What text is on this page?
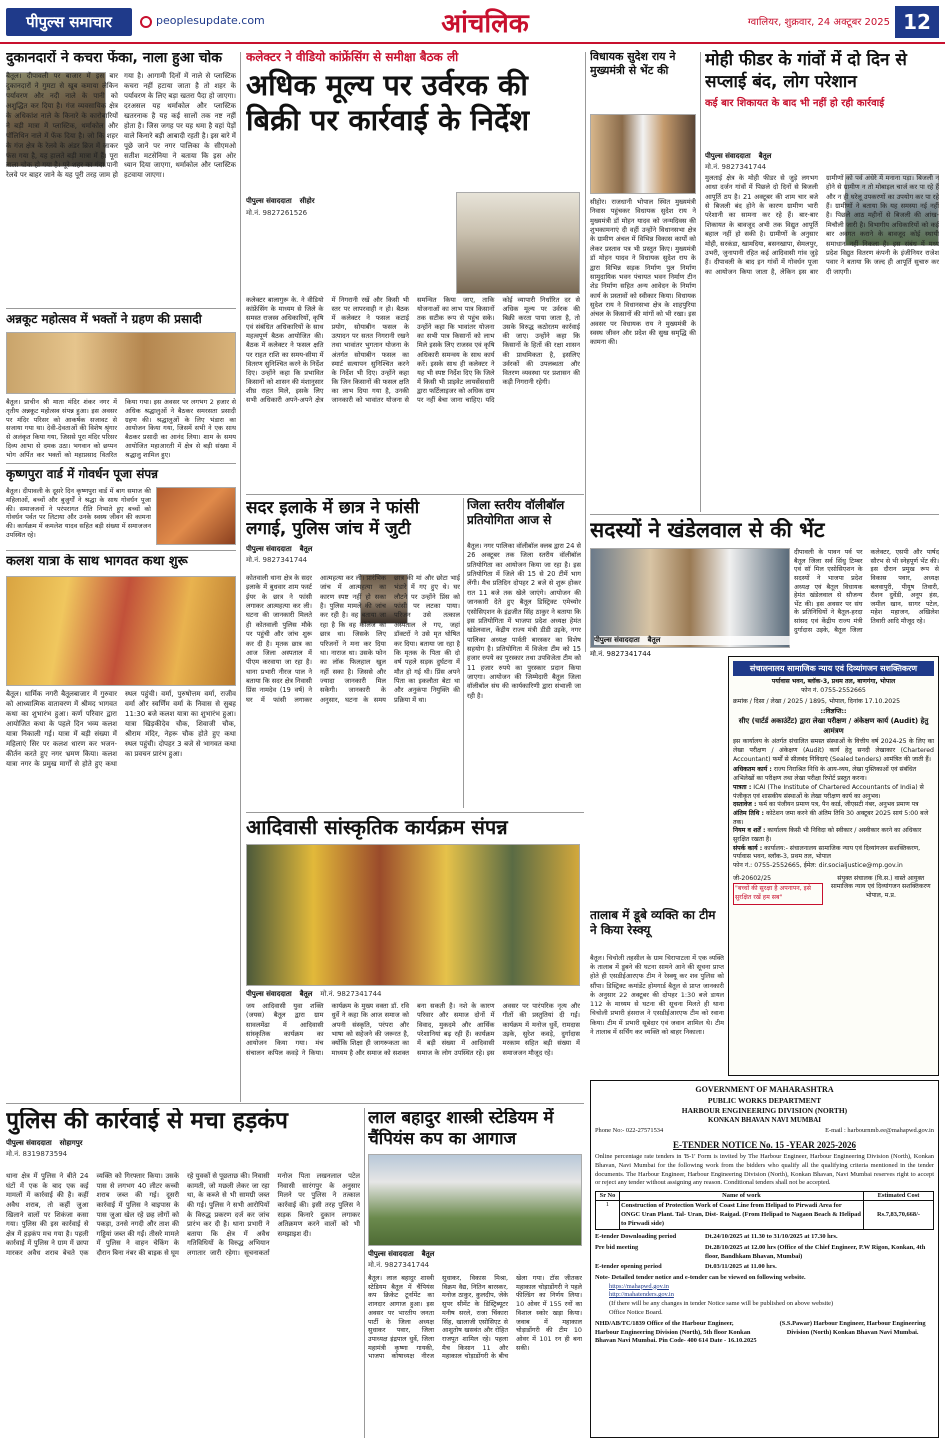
पीपुल्स समाचार	peoplesupdate.com	आंचलिक	ग्वालियर, शुक्रवार, 24 अक्टूबर 2025 12
दुकानदारों ने कचरा फेंका, नाला हुआ चोक
बैतूल। दीपावली पर बाजार में इस बार दुकानदारों ने गुमटा से खूब कमाया लेकिन पर्यावरण और नदी नाले के पानी को अशुद्धित कर दिया है। गंज व्यवसायिक क्षेत्र के अधिकांश नाले के किनारे के कारोबारियों ने बड़ी मात्रा में प्लास्टिक, थर्माकोल और पॉलिथिन नाले में फेंक दिया है। जो कि शहर के गंज क्षेत्र के रेलवे के अंडर ब्रिज में जाकर फंस गया है, यह हालते बड़ी मात्रा में हैं। पूरा नाला चोक हो गया है। पूरे शहर का गंदा पानी रेलवे पर बाहर जाने के यह पूरी तरह जाम हो गया है। आगामी दिनों में नाले से प्लास्टिक कचरा नहीं हटाया जाता है तो शहर के पर्यावरण के लिए बड़ा खतरा पैदा हो जाएगा। दरअसल यह थर्माकोल और प्लास्टिक खतरनाक है यह कई सालों तक नष्ट नहीं होता है। जिस जगह पर यह थमा है वहां पेड़ों वाले किनारे बड़ी आबादी रहती है। इस बारे में पूछे जाने पर नगर पालिका के सीएमओ सतीश मटसेनिया ने बताया कि इस ओर ध्यान दिया जाएगा, थर्माकोल और प्लास्टिक हटवाया जाएगा।
अन्नकूट महोत्सव में भक्तों ने ग्रहण की प्रसादी
बैतूल। प्राचीन श्री माता मंदिर शंकर नगर में तृतीय अन्नकूट महोत्सव संपन्न हुआ। इस अवसर पर मंदिर परिसर को आकर्षक सजावट से सजाया गया था। देवी-देवताओं की विशेष श्रृंगार से अलंकृत किया गया, जिससे पूरा मंदिर परिसर दिव्य आभा से दमक उठा। भगवान को छप्पन भोग अर्पित कर भक्तों को महाप्रसाद वितरित किया गया। इस अवसर पर लगभग 2 हजार से अधिक श्रद्धालुओं ने बैठकर समरसता प्रसादी ग्रहण की। श्रद्धालुओं के लिए भंडारा का आयोजन किया गया, जिसमें सभी ने एक साथ बैठकर प्रसादी का आनंद लिया। शाम के समय आयोजित महाआरती में क्षेत्र से बड़ी संख्या में श्रद्धालु शामिल हुए।
कृष्णपुरा वार्ड में गोवर्धन पूजा संपन्न
बैतूल। दीपावली के दूसरे दिन कृष्णपुरा वार्ड में बाग समाज की महिलाओं, बच्चों और बुजुर्गों ने श्रद्धा के साथ गोवर्धन पूजा की। समाजजनों ने परंपरागत रीति निभाते हुए बच्चों को गोवर्धन पर्वत पर लिटाया और उनके स्वस्थ जीवन की कामना की। कार्यक्रम में कमलेश यादव सहित बड़ी संख्या में समाजजन उपस्थित रहे।
कलश यात्रा के साथ भागवत कथा शुरू
बैतूल। धार्मिक नगरी बैतूलबाजार में गुरुवार को आध्यात्मिक वातावरण में श्रीमद भागवत कथा का शुभारंभ हुआ। कर्ण परिवार द्वारा आयोजित कथा के पहले दिन भव्य कलश यात्रा निकाली गई। यात्रा में बड़ी संख्या में महिलाएं सिर पर कलश धारण कर भजन-कीर्तन करते हुए नगर भ्रमण किया। कलश यात्रा नगर के प्रमुख मार्गों से होते हुए कथा स्थल पहुंची। वर्मा, पुरुषोत्तम वर्मा, राजीव वर्मा और स्वर्णिम वर्मा के निवास से सुबह 11:30 बजे कलश यात्रा का शुभारंभ हुआ। यात्रा खिड़कीदेव चौक, शिवाजी चौक, श्रीराम मंदिर, नेहरू चौक होते हुए कथा स्थल पहुंची। दोपहर 3 बजे से भागवत कथा का प्रवचन प्रारंभ हुआ।
कलेक्टर ने वीडियो कांफ्रेंसिंग से समीक्षा बैठक ली
अधिक मूल्य पर उर्वरक की बिक्री पर कार्रवाई के निर्देश
पीपुल्स संवाददाता सीहोर
मो.नं. 9827261526
कलेक्टर बालागुरू के. ने वीडियो कांफ्रेंसिंग के माध्यम से जिले के समस्त राजस्व अधिकारियों, कृषि एवं संबंधित अधिकारियों के साथ महत्वपूर्ण बैठक आयोजित की। बैठक में कलेक्टर ने फसल क्षति पर राहत राशि का समय-सीमा में वितरण सुनिश्चित करने के निर्देश दिए। उन्होंने कहा कि प्रभावित किसानों को शासन की मंशानुसार शीघ्र राहत मिले, इसके लिए सभी अधिकारी अपने-अपने क्षेत्र में निगरानी रखें और किसी भी स्तर पर लापरवाही न हो। बैठक में कलेक्टर ने फसल कटाई प्रयोग, सोयाबीन फसल के उत्पादन पर सतत निगरानी रखने तथा भावांतर भुगतान योजना के अंतर्गत सोयाबीन फसल का स्मार्ट सत्यापन सुनिश्चित करने के निर्देश भी दिए। उन्होंने कहा कि जिन किसानों की फसल क्षति का लाभ दिया गया है, उनकी जानकारी को भावांतर योजना से समन्वित किया जाए, ताकि योजनाओं का लाभ पात्र किसानों तक सटीक रूप से पहुंच सके। उन्होंने कहा कि भावांतर योजना का सभी पात्र किसानों को लाभ मिले इसके लिए राजस्व एवं कृषि अधिकारी समन्वय के साथ कार्य करें। इसके साथ ही कलेक्टर ने यह भी स्पष्ट निर्देश दिए कि जिले में किसी भी प्राइवेट लायसेंसधारी द्वारा फर्टिलाइजर को अधिक दाम पर नहीं बेचा जाना चाहिए। यदि कोई व्यापारी निर्धारित दर से अधिक मूल्य पर उर्वरक की बिक्री करता पाया जाता है, तो उसके विरुद्ध कठोरतम कार्रवाई की जाए। उन्होंने कहा कि किसानों के हितों की रक्षा शासन की प्राथमिकता है, इसलिए उर्वरकों की उपलब्धता और वितरण व्यवस्था पर प्रशासन की कड़ी निगरानी रहेगी।
सदर इलाके में छात्र ने फांसी लगाई, पुलिस जांच में जुटी
पीपुल्स संवाददाता बैतूल
मो.नं. 9827341744
कोतवाली थाना क्षेत्र के सदर इलाके में बुधवार शाम फर्स्ट ईयर के छात्र ने फांसी लगाकर आत्महत्या कर ली। घटना की जानकारी मिलते ही कोतवाली पुलिस मौके पर पहुंची और जांच शुरू कर दी है। मृतक छात्र का आज जिला अस्पताल में पीएम करवाया जा रहा है। थाना प्रभारी नीरज पाल ने बताया कि सदर क्षेत्र निवासी प्रिंस नामदेव (19 वर्ष) ने घर में फांसी लगाकर आत्महत्या कर ली। प्रारंभिक जांच में आत्महत्या का कारण स्पष्ट नहीं हो सका है। पुलिस मामले की जांच कर रही है। वह बताया जा रहा है कि वह कॉलेज का छात्र था। जिसके लिए परिजनों ने मना कर दिया था। नाराज था। उसके फोन का लॉक फिलहाल खुल नहीं सका है। जिससे और ज्यादा जानकारी मिल सकेगी। जानकारी के अनुसार, घटना के समय छात्र की मां और छोटा भाई भंडारे में गए हुए थे। घर लौटने पर उन्होंने प्रिंस को फांसी पर लटका पाया। परिजन उसे तत्काल अस्पताल ले गए, जहां डॉक्टरों ने उसे मृत घोषित कर दिया। बताया जा रहा है कि मृतक के पिता की दो वर्ष पहले सड़क दुर्घटना में मौत हो गई थी। प्रिंस अपने पिता का इकलौता बेटा था और अनुकंपा नियुक्ति की प्रक्रिया में था।
जिला स्तरीय वॉलीबॉल प्रतियोगिता आज से
बैतूल। नगर पालिका वॉलीबॉल क्लब द्वारा 24 से 26 अक्टूबर तक जिला स्तरीय वॉलीबॉल प्रतियोगिता का आयोजन किया जा रहा है। इस प्रतियोगिता में जिले की 15 से 20 टीमें भाग लेंगी। मैच प्रतिदिन दोपहर 2 बजे से शुरू होकर रात 11 बजे तक खेले जाएंगे। आयोजन की जानकारी देते हुए बैतूल डिस्ट्रिक्ट एमेच्योर एसोसिएशन के इंद्रजीत सिंह ठाकुर ने बताया कि इस प्रतियोगिता में भाजपा प्रदेश अध्यक्ष हेमंत खंडेलवाल, केंद्रीय राज्य मंत्री डीडी उइके, नगर पालिका अध्यक्ष पार्वती बारस्कर का विशेष सहयोग है। प्रतियोगिता में विजेता टीम को 15 हजार रुपये का पुरस्कार तथा उपविजेता टीम को 11 हजार रुपये का पुरस्कार प्रदान किया जाएगा। आयोजन की जिम्मेदारी बैतूल जिला वॉलीबॉल संघ की कार्यकारिणी द्वारा संभाली जा रही है।
आदिवासी सांस्कृतिक कार्यक्रम संपन्न
पीपुल्स संवाददाता बैतूल मो.नं. 9827341744
जय आदिवासी युवा शक्ति (जयस) बैतूल द्वारा ग्राम सावलमेंढा में आदिवासी सांस्कृतिक कार्यक्रम का आयोजन किया गया। मंच संचालन कपिल कवड़े ने किया। कार्यक्रम के मुख्य वक्ता डॉ. रवि धुर्वे ने कहा कि आज समाज को अपनी संस्कृति, परंपरा और भाषा को सहेजने की जरूरत है, क्योंकि शिक्षा ही जागरूकता का माध्यम है और समाज को सशक्त बना सकती है। नशे के कारण परिवार और समाज दोनों में विवाद, मुकदमे और आर्थिक परेशानियां बढ़ रही हैं। कार्यक्रम में बड़ी संख्या में आदिवासी समाज के लोग उपस्थित रहे। इस अवसर पर पारंपरिक नृत्य और गीतों की प्रस्तुतियां दी गईं। कार्यक्रम में मनोज धुर्वे, रामदास उइके, सुरेश कवड़े, दुर्गादास मरकाम सहित बड़ी संख्या में समाजजन मौजूद रहे।
पुलिस की कार्रवाई से मचा हड़कंप
पीपुल्स संवाददाता सोहागपुर
मो.नं. 8319873594
थाना क्षेत्र में पुलिस ने बीते 24 घंटों में एक के बाद एक कई मामलों में कार्रवाई की है। कहीं अवैध शराब, तो कहीं जुआ खिलाने वालों पर शिकंजा कसा गया। पुलिस की इस कार्रवाई से क्षेत्र में हड़कंप मच गया है। पहली कार्रवाई में पुलिस ने ग्राम में छापा मारकर अवैध शराब बेचते एक व्यक्ति को गिरफ्तार किया। उसके पास से लगभग 40 लीटर कच्ची शराब जब्त की गई। दूसरी कार्रवाई में पुलिस ने बाइपास के पास जुआ खेल रहे छह लोगों को पकड़ा, उनसे नगदी और ताश की गड्डियां जब्त की गईं। तीसरे मामले में पुलिस ने वाहन चेकिंग के दौरान बिना नंबर की बाइक से घूम रहे युवकों से पूछताछ की। निवासी कामती, जो मछली लेकर जा रहा था, के कब्जे से भी सामग्री जब्त की गई। पुलिस ने सभी आरोपियों के विरुद्ध प्रकरण दर्ज कर जांच प्रारंभ कर दी है। थाना प्रभारी ने बताया कि क्षेत्र में अवैध गतिविधियों के विरुद्ध अभियान लगातार जारी रहेगा। सूचनाकर्ता मनोज पिता लखनलाल पटेल निवासी सारंगपुर के अनुसार मिलने पर पुलिस ने तत्काल कार्रवाई की। इसी तरह पुलिस ने सड़क किनारे दुकान लगाकर अतिक्रमण करने वालों को भी समझाइश दी।
लाल बहादुर शास्त्री स्टेडियम में चैंपियंस कप का आगाज
पीपुल्स संवाददाता बैतूल
मो.नं. 9827341744
बैतूल। लाल बहादुर शास्त्री स्टेडियम बैतूल में चैंपियंस कप क्रिकेट टूर्नामेंट का शानदार आगाज हुआ। इस अवसर पर भारतीय जनता पार्टी के जिला अध्यक्ष सुधाकर पवार, जिला उपाध्यक्ष इंद्रपाल धुर्वे, जिला महामंत्री कृष्णा गायकी, भाजपा कोषाध्यक्ष नीरज सुधाकर, विकास मिश्रा, विक्रम वैद्य, नितिन बारस्कर, मनोज ठाकुर, कुलदीप, जेके सुपर सीमेंट के डिस्ट्रिब्यूटर मनीष सरले, राजा चिंकारा सिंह, खालाजी एसोसिएट से आशुतोष खसवंत और रोहित राजपूत शामिल रहे। पहला मैच किसान 11 और महाकाल चोड़ाडोंगरी के बीच खेला गया। टॉस जीतकर महाकाल चोड़ाडोंगरी ने पहले फील्डिंग का निर्णय लिया। 10 ओवर में 155 रनों का विशाल स्कोर खड़ा किया। जवाब में महाकाल चोड़ाडोंगरी की टीम 10 ओवर में 101 रन ही बना सकी।
विधायक सुदेश राय ने मुख्यमंत्री से भेंट की
सीहोर। राजधानी भोपाल स्थित मुख्यमंत्री निवास पहुंचकर विधायक सुदेश राय ने मुख्यमंत्री डॉ मोहन यादव को जन्मदिवस की शुभकामनाएं दी वहीं उन्होंने विधानसभा क्षेत्र के ग्रामीण अंचल में विभिन्न विकास कार्यों को लेकर प्रस्ताव पत्र भी प्रस्तुत किए। मुख्यमंत्री डॉ मोहन यादव ने विधायक सुदेश राय के द्वारा विभिन्न सड़क निर्माण पुल निर्माण सामुदायिक भवन पंचायत भवन निर्माण टीन शेड निर्माण सहित अन्य आवेदन के निर्माण कार्य के प्रस्तावों को स्वीकार किया। विधायक सुदेश राय ने विधानसभा क्षेत्र के शाहपुरिया अंचल के किसानों की मांगों को भी रखा। इस अवसर पर विधायक राय ने मुख्यमंत्री के स्वस्थ जीवन और प्रदेश की सुख समृद्धि की कामना की।
मोही फीडर के गांवों में दो दिन से सप्लाई बंद, लोग परेशान
कई बार शिकायत के बाद भी नहीं हो रही कार्रवाई
पीपुल्स संवाददाता बैतूल
मो.नं. 9827341744
मुलताई क्षेत्र के मोही फीडर से जुड़े लगभग आधा दर्जन गांवों में पिछले दो दिनों से बिजली आपूर्ति ठप है। 21 अक्टूबर की शाम चार बजे से बिजली बंद होने के कारण ग्रामीण भारी परेशानी का सामना कर रहे हैं। बार-बार शिकायत के बावजूद अभी तक विद्युत आपूर्ति बहाल नहीं हो सकी है। ग्रामीणों के अनुसार मोही, सरकंडा, खामदिया, बसनखापा, सेमलपुर, उभरी, जुनापानी रहित कई आदिवासी गांव जुड़े हैं। दीपावली के बाद इन गांवों में गोवर्धन पूजा का आयोजन किया जाता है, लेकिन इस बार ग्रामीणों को पर्व अंधेरे में मनाना पड़ा। बिजली न होने से ग्रामीण न तो मोबाइल चार्ज कर पा रहे हैं और न ही घरेलू उपकरणों का उपयोग कर पा रहे हैं। ग्रामीणों ने बताया कि यह समस्या नई नहीं है। पिछले आठ महीनों से बिजली की आंख-मिचौली जारी है। विभागीय अधिकारियों को कई बार अवगत कराने के बावजूद कोई स्थायी समाधान नहीं निकला है। इस संबंध में मध्य प्रदेश विद्युत वितरण कंपनी के इंजीनियर राजेश पवार ने बताया कि जल्द ही आपूर्ति सुचारु कर दी जाएगी।
सदस्यों ने खंडेलवाल से की भेंट
पीपुल्स संवाददाता बैतूल
दीपावली के पावन पर्व पर बैतूल जिला सर्व सिंधु टिम्बर एवं सॉ मिल एसोसिएशन के सदस्यों ने भाजपा प्रदेश अध्यक्ष एवं बैतूल विधायक हेमंत खंडेलवाल से सौजन्य भेंट की। इस अवसर पर संघ के प्रतिनिधियों ने बैतूल-हरदा सांसद एवं केंद्रीय राज्य मंत्री दुर्गादास उइके, बैतूल जिला कलेक्टर, एसपी और पार्षद सौरभ से भी स्नेहपूर्ण भेंट की। इस दौरान प्रमुख रूप से विकास पवार, अध्यक्ष बलवापुरी, पीयूष तिवारी, रौशन दुर्वेडी, अनूप हंस, जमील खान, सागर पटेल, महेश महाजन, अखिलेश तिवारी आदि मौजूद रहे।
मो.नं. 9827341744
तालाब में डूबे व्यक्ति का टीम ने किया रेस्क्यू
बैतूल। चिचोली तहसील के ग्राम चिरापाटला में एक व्यक्ति के तालाब में डूबने की घटना सामने आने की सूचना प्राप्त होते ही एसडीईआरएफ टीम ने रेस्क्यू कर शव पुलिस को सौंपा। डिस्ट्रिक्ट कमांडेंट होमगार्ड बैतूल से प्राप्त जानकारी के अनुसार 22 अक्टूबर की दोपहर 1:30 बजे डायल 112 के माध्यम से घटना की सूचना मिलते ही थाना चिचोली प्रभारी हंसराज ने एसडीईआरएफ टीम को रवाना किया। टीम में प्रभारी सूबेदार एवं जवान शामिल थे। टीम ने तालाब में सर्चिंग कर व्यक्ति को बाहर निकाला।
संचालनालय सामाजिक न्याय एवं दिव्यांगजन सशक्तिकरण
पर्यावास भवन, ब्लॉक-3, प्रथम तल, बाणगंगा, भोपाल
फोन नं. 0755-2552665
क्रमांक / दिसा / लेखा / 2025 / 1895, भोपाल, दिनांक 17.10.2025
::विज्ञप्ति::
सीए (चार्टर्ड अकाउंटेंट) द्वारा लेखा परीक्षण / अंकेक्षण कार्य (Audit) हेतु आमंत्रण
इस कार्यालय के अंतर्गत संचालित समस्त संस्थाओं के वित्तीय वर्ष 2024-25 के लिए का लेखा परीक्षण / अंकेक्षण (Audit) कार्य हेतु सनदी लेखाकार (Chartered Accountant) फर्मों से सीलबंद निविदाएं (Sealed tenders) आमंत्रित की जाती हैं।
अधिकतम कार्य : राज्य निराश्रित निधि के आय-व्यय, लेखा पुस्तिकाओं एवं संबंधित अभिलेखों का परीक्षण तथा लेखा परीक्षा रिपोर्ट प्रस्तुत करना।
पात्रता : ICAI (The Institute of Chartered Accountants of India) से पंजीकृत एवं शासकीय संस्थाओं के लेखा परीक्षण कार्य का अनुभव।
दस्तावेज : फर्म का पंजीयन प्रमाण पत्र, पैन कार्ड, जीएसटी नंबर, अनुभव प्रमाण पत्र
अंतिम तिथि : कोटेशन जमा करने की अंतिम तिथि 30 अक्टूबर 2025 सायं 5:00 बजे तक।
नियम व शर्तें : कार्यालय किसी भी निविदा को स्वीकार / अस्वीकार करने का अधिकार सुरक्षित रखता है।
संपर्क कार्य : कार्यालय:- संचालनालय सामाजिक न्याय एवं दिव्यांगजन सशक्तिकरण, पर्यावास भवन, ब्लॉक-3, प्रथम तल, भोपाल
फोन नं.: 0755-2552665, ईमेल: dir.socialjustice@mp.gov.in
जी-20602/25
"बच्चों की सुरक्षा है अपनापन, इसे सुरक्षित रखें हम सब"
संयुक्त संचालक (वि.स.) वास्ते आयुक्त सामाजिक न्याय एवं दिव्यांगजन सशक्तिकरण भोपाल, म.प्र.
GOVERNMENT OF MAHARASHTRA
PUBLIC WORKS DEPARTMENT
HARBOUR ENGINEERING DIVISION (NORTH)
KONKAN BHAVAN NAVI MUMBAI
Phone No:- 022-27571534	E-mail : harbournmb.ee@mahapwd.gov.in
E-TENDER NOTICE No. 15 -YEAR 2025-2026
Online percentage rate tenders in 'B-1' Form is invited by The Harbour Engineer, Harbour Engineering Division (North), Konkan Bhavan, Navi Mumbai for the following work from the bidders who qualify all the qualifying criteria mentioned in the tender documents. The Harbour Engineer, Harbour Engineering Division (North), Konkan Bhavan, Navi Mumbai reserves right to accept or reject any tender without assigning any reason. Conditional tenders shall not be accepted.
Sr No	Name of work	Estimated Cost
1	Construction of Protection Work of Coast Line from Helipad to Pirwadi Area for ONGC Uran Plant. Tal- Uran, Dist- Raigad. (From Helipad to Nagaon Beach & Helipad to Pirwadi side)	Rs.7,83,70,668/-
E-tender Downloading period	Dt.24/10/2025 at 11.30 to 31/10/2025 at 17.30 hrs.
Pre bid meeting	Dt.28/10/2025 at 12.00 hrs (Office of the Chief Engineer, P.W Rigon, Konkan, 4th floor, Bandhkam Bhavan, Mumbai)
E-tender opening period	Dt.03/11/2025 at 11.00 hrs.
Note- Detailed tender notice and e-tender can be viewed on following website.
https://mahapwd.gov.in
http://mahatenders.gov.in
(If there will be any changes in tender Notice same will be published on above website)
Office Notice Board.
NHD/AB/TC/1839 Office of the Harbour Engineer, Harbour Engineering Division (North), 5th floor Konkan Bhavan Navi Mumbai. Pin Code- 400 614 Date - 16.10.2025
(S.S.Pawar) Harbour Engineer, Harbour Engineering Division (North) Konkan Bhavan Navi Mumbai.
